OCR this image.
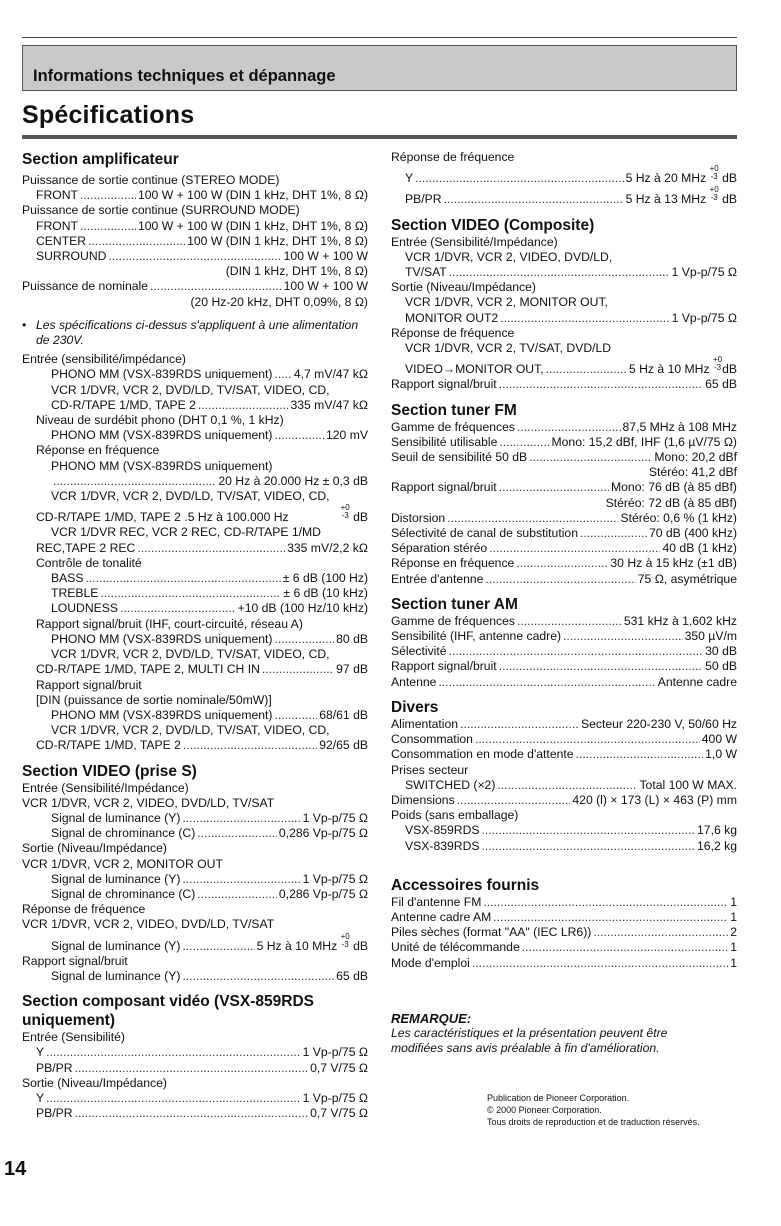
Informations techniques et dépannage
Spécifications
Section amplificateur
Puissance de sortie continue (STEREO MODE)
FRONT .....	100 W + 100 W (DIN 1 kHz, DHT 1%, 8 Ω)
Puissance de sortie continue (SURROUND MODE)
FRONT .....	100 W + 100 W (DIN 1 kHz, DHT 1%, 8 Ω)
CENTER .....	100 W (DIN 1 kHz, DHT 1%, 8 Ω)
SURROUND .....	100 W + 100 W
(DIN 1 kHz, DHT 1%, 8 Ω)
Puissance de nominale .....	100 W + 100 W
(20 Hz-20 kHz, DHT 0,09%, 8 Ω)
• Les spécifications ci-dessus s'appliquent à une alimentation de 230V.
Entrée (sensibilité/impédance)
PHONO MM (VSX-839RDS uniquement) ..... 4,7 mV/47 kΩ
VCR 1/DVR, VCR 2, DVD/LD, TV/SAT, VIDEO, CD,
CD-R/TAPE 1/MD, TAPE 2 .....	335 mV/47 kΩ
Niveau de surdébit phono (DHT 0,1 %, 1 kHz)
PHONO MM (VSX-839RDS uniquement) .....	120 mV
Réponse en fréquence
PHONO MM (VSX-839RDS uniquement)
.....
20 Hz à 20.000 Hz ± 0,3 dB
VCR 1/DVR, VCR 2, DVD/LD, TV/SAT, VIDEO, CD,
CD-R/TAPE 1/MD, TAPE 2 .5 Hz à 100.000 Hz
+0
-3 dB
VCR 1/DVR REC, VCR 2 REC, CD-R/TAPE 1/MD
REC,TAPE 2 REC .....	335 mV/2,2 kΩ
Contrôle de tonalité
BASS .....	± 6 dB (100 Hz)
TREBLE .....	± 6 dB (10 kHz)
LOUDNESS .....	+10 dB (100 Hz/10 kHz)
Rapport signal/bruit (IHF, court-circuité, réseau A)
PHONO MM (VSX-839RDS uniquement) .....	80 dB
VCR 1/DVR, VCR 2, DVD/LD, TV/SAT, VIDEO, CD,
CD-R/TAPE 1/MD, TAPE 2, MULTI CH IN .....	97 dB
Rapport signal/bruit
[DIN (puissance de sortie nominale/50mW)]
PHONO MM (VSX-839RDS uniquement) .....	68/61 dB
VCR 1/DVR, VCR 2, DVD/LD, TV/SAT, VIDEO, CD,
CD-R/TAPE 1/MD, TAPE 2 .....	92/65 dB
Section VIDEO (prise S)
Entrée (Sensibilité/Impédance)
VCR 1/DVR, VCR 2, VIDEO, DVD/LD, TV/SAT
Signal de luminance (Y) .....	1 Vp-p/75 Ω
Signal de chrominance (C) .....	0,286 Vp-p/75 Ω
Sortie (Niveau/Impédance)
VCR 1/DVR, VCR 2, MONITOR OUT
Signal de luminance (Y) .....	1 Vp-p/75 Ω
Signal de chrominance (C) .....	0,286 Vp-p/75 Ω
Réponse de fréquence
VCR 1/DVR, VCR 2, VIDEO, DVD/LD, TV/SAT
Signal de luminance (Y) .....	5 Hz à 10 MHz +0
-3 dB
Rapport signal/bruit
Signal de luminance (Y) .....	65 dB
Section composant vidéo (VSX-859RDS
uniquement)
Entrée (Sensibilité)
Y .....	1 Vp-p/75 Ω
PB/PR .....	0,7 V/75 Ω
Sortie (Niveau/Impédance)
Y .....	1 Vp-p/75 Ω
PB/PR .....	0,7 V/75 Ω
Réponse de fréquence
Y .....	5 Hz à 20 MHz +0
-3 dB
PB/PR .....	5 Hz à 13 MHz +0
-3 dB
Section VIDEO (Composite)
Entrée (Sensibilité/Impédance)
VCR 1/DVR, VCR 2, VIDEO, DVD/LD,
TV/SAT .....	1 Vp-p/75 Ω
Sortie (Niveau/Impédance)
VCR 1/DVR, VCR 2, MONITOR OUT,
MONITOR OUT2 .....	1 Vp-p/75 Ω
Réponse de fréquence
VCR 1/DVR, VCR 2, TV/SAT, DVD/LD
VIDEO→MONITOR OUT, .....	5 Hz à 10 MHz +0
-3dB
Rapport signal/bruit .....	65 dB
Section tuner FM
Gamme de fréquences .....	87,5 MHz à 108 MHz
Sensibilité utilisable .....	Mono: 15,2 dBf, IHF (1,6 µV/75 Ω)
Seuil de sensibilité 50 dB .....	Mono: 20,2 dBf
Stéréo: 41,2 dBf
Rapport signal/bruit .....	Mono: 76 dB (à 85 dBf)
Stéréo: 72 dB (à 85 dBf)
Distorsion .....	Stéréo: 0,6 % (1 kHz)
Sélectivité de canal de substitution .....	70 dB (400 kHz)
Séparation stéréo .....	40 dB (1 kHz)
Réponse en fréquence .....	30 Hz à 15 kHz (±1 dB)
Entrée d'antenne .....	75 Ω, asymétrique
Section tuner AM
Gamme de fréquences .....	531 kHz à 1.602 kHz
Sensibilité (IHF, antenne cadre) .....	350 µV/m
Sélectivité .....	30 dB
Rapport signal/bruit .....	50 dB
Antenne .....	Antenne cadre
Divers
Alimentation .....	Secteur 220-230 V, 50/60 Hz
Consommation .....	400 W
Consommation en mode d'attente .....	1,0 W
Prises secteur
SWITCHED (×2) .....	Total 100 W MAX.
Dimensions .....	420 (l) × 173 (L) × 463 (P) mm
Poids (sans emballage)
VSX-859RDS .....	17,6 kg
VSX-839RDS .....	16,2 kg
Accessoires fournis
Fil d'antenne FM .....	1
Antenne cadre AM .....	1
Piles sèches (format "AA" (IEC LR6)) .....	2
Unité de télécommande .....	1
Mode d'emploi .....	1
REMARQUE:
Les caractéristiques et la présentation peuvent être
modifiées sans avis préalable à fin d'amélioration.
Publication de Pioneer Corporation.
© 2000 Pioneer Corporation.
Tous droits de reproduction et de traduction réservés.
14
